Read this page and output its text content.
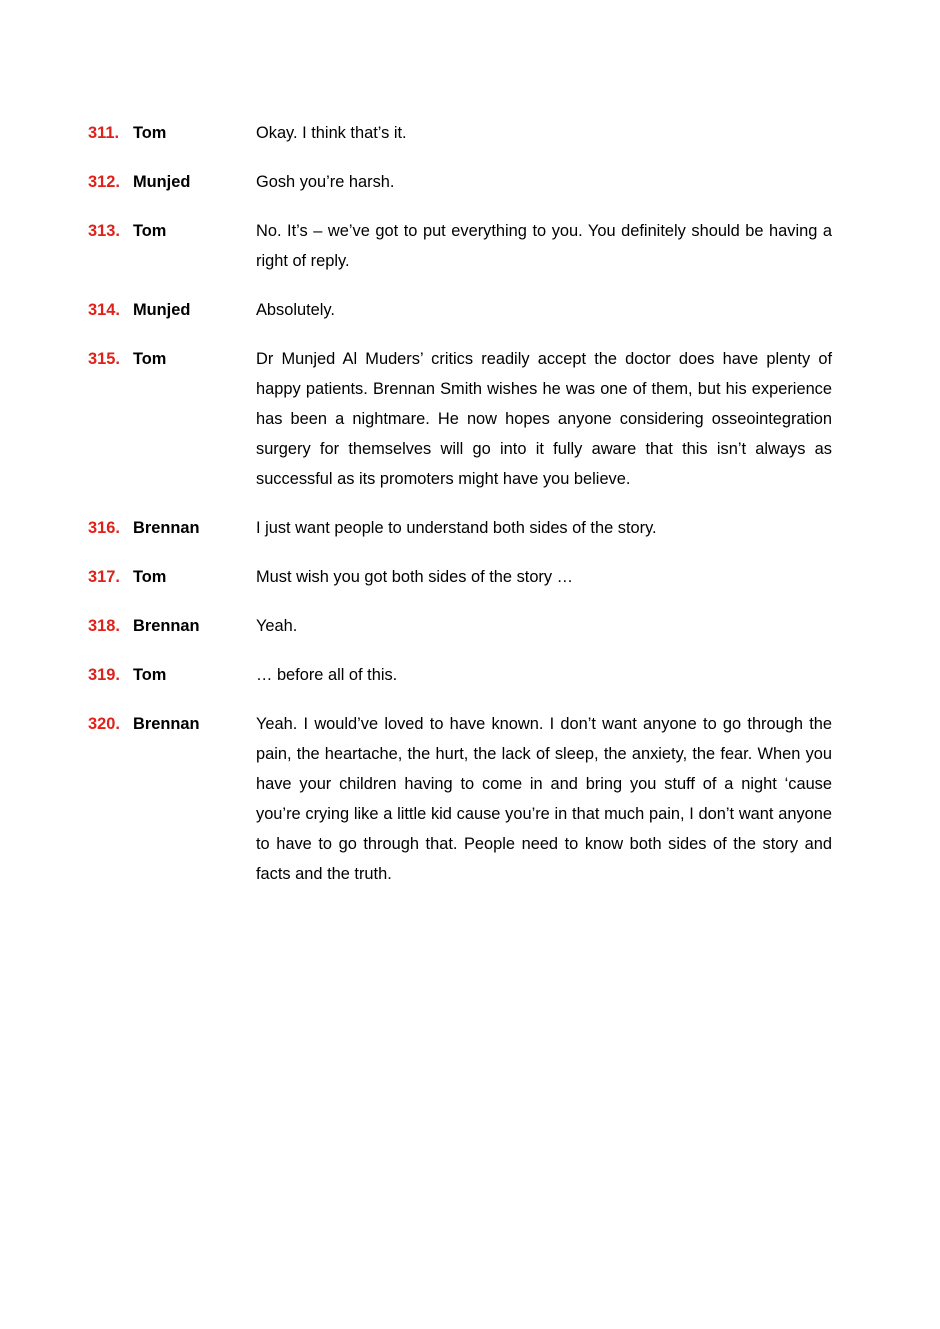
311. Tom	Okay. I think that’s it.
312. Munjed	Gosh you’re harsh.
313. Tom	No. It’s – we’ve got to put everything to you. You definitely should be having a right of reply.
314. Munjed	Absolutely.
315. Tom	Dr Munjed Al Muders’ critics readily accept the doctor does have plenty of happy patients. Brennan Smith wishes he was one of them, but his experience has been a nightmare. He now hopes anyone considering osseointegration surgery for themselves will go into it fully aware that this isn’t always as successful as its promoters might have you believe.
316. Brennan	I just want people to understand both sides of the story.
317. Tom	Must wish you got both sides of the story …
318. Brennan	Yeah.
319. Tom	… before all of this.
320. Brennan	Yeah. I would’ve loved to have known. I don’t want anyone to go through the pain, the heartache, the hurt, the lack of sleep, the anxiety, the fear. When you have your children having to come in and bring you stuff of a night ‘cause you’re crying like a little kid cause you’re in that much pain, I don’t want anyone to have to go through that. People need to know both sides of the story and facts and the truth.
